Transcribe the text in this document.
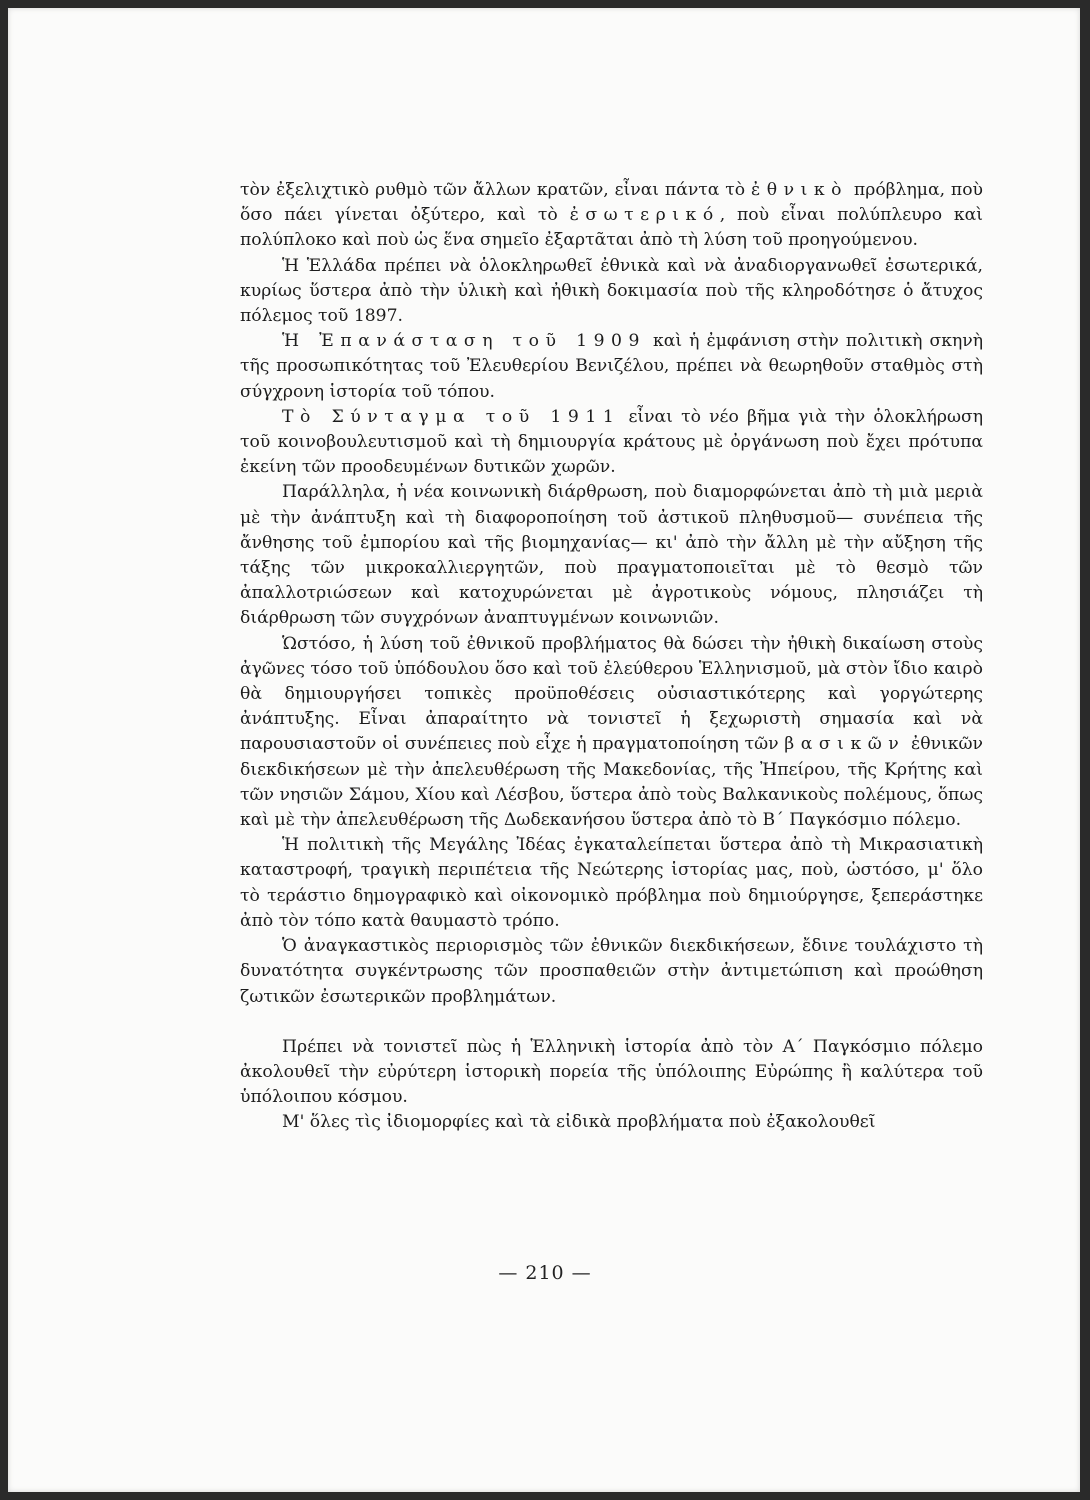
τὸν ἐξελιχτικὸ ρυθμὸ τῶν ἄλλων κρατῶν, εἶναι πάντα τὸ ἐθνικὸ πρόβλημα, ποὺ ὅσο πάει γίνεται ὀξύτερο, καὶ τὸ ἐσωτερικό, ποὺ εἶναι πολύπλευρο καὶ πολύπλοκο καὶ ποὺ ὡς ἕνα σημεῖο ἐξαρτᾶται ἀπὸ τὴ λύση τοῦ προηγούμενου.

Ἡ Ἑλλάδα πρέπει νὰ ὁλοκληρωθεῖ ἐθνικὰ καὶ νὰ ἀναδιοργανωθεῖ ἐσωτερικά, κυρίως ὕστερα ἀπὸ τὴν ὑλικὴ καὶ ἠθικὴ δοκιμασία ποὺ τῆς κληροδότησε ὁ ἄτυχος πόλεμος τοῦ 1897.

Ἡ Ἐπανάσταση τοῦ 1909 καὶ ἡ ἐμφάνιση στὴν πολιτικὴ σκηνὴ τῆς προσωπικότητας τοῦ Ἐλευθερίου Βενιζέλου, πρέπει νὰ θεωρηθοῦν σταθμὸς στὴ σύγχρονη ἱστορία τοῦ τόπου.

Τὸ Σύνταγμα τοῦ 1911 εἶναι τὸ νέο βῆμα γιὰ τὴν ὁλοκλήρωση τοῦ κοινοβουλευτισμοῦ καὶ τὴ δημιουργία κράτους μὲ ὀργάνωση ποὺ ἔχει πρότυπα ἐκείνη τῶν προοδευμένων δυτικῶν χωρῶν.

Παράλληλα, ἡ νέα κοινωνικὴ διάρθρωση, ποὺ διαμορφώνεται ἀπὸ τὴ μιὰ μεριὰ μὲ τὴν ἀνάπτυξη καὶ τὴ διαφοροποίηση τοῦ ἀστικοῦ πληθυσμοῦ— συνέπεια τῆς ἄνθησης τοῦ ἐμπορίου καὶ τῆς βιομηχανίας— κι' ἀπὸ τὴν ἄλλη μὲ τὴν αὔξηση τῆς τάξης τῶν μικροκαλλιεργητῶν, ποὺ πραγματοποιεῖται μὲ τὸ θεσμὸ τῶν ἀπαλλοτριώσεων καὶ κατοχυρώνεται μὲ ἀγροτικοὺς νόμους, πλησιάζει τὴ διάρθρωση τῶν συγχρόνων ἀναπτυγμένων κοινωνιῶν.

Ὡστόσο, ἡ λύση τοῦ ἐθνικοῦ προβλήματος θὰ δώσει τὴν ἠθικὴ δικαίωση στοὺς ἀγῶνες τόσο τοῦ ὑπόδουλου ὅσο καὶ τοῦ ἐλεύθερου Ἑλληνισμοῦ, μὰ στὸν ἴδιο καιρὸ θὰ δημιουργήσει τοπικὲς προϋποθέσεις οὐσιαστικότερης καὶ γοργώτερης ἀνάπτυξης. Εἶναι ἀπαραίτητο νὰ τονιστεῖ ἡ ξεχωριστὴ σημασία καὶ νὰ παρουσιαστοῦν οἱ συνέπειες ποὺ εἶχε ἡ πραγματοποίηση τῶν βασικῶν ἐθνικῶν διεκδικήσεων μὲ τὴν ἀπελευθέρωση τῆς Μακεδονίας, τῆς Ἠπείρου, τῆς Κρήτης καὶ τῶν νησιῶν Σάμου, Χίου καὶ Λέσβου, ὕστερα ἀπὸ τοὺς Βαλκανικοὺς πολέμους, ὅπως καὶ μὲ τὴν ἀπελευθέρωση τῆς Δωδεκανήσου ὕστερα ἀπὸ τὸ Β΄ Παγκόσμιο πόλεμο.

Ἡ πολιτικὴ τῆς Μεγάλης Ἰδέας ἐγκαταλείπεται ὕστερα ἀπὸ τὴ Μικρασιατικὴ καταστροφή, τραγικὴ περιπέτεια τῆς Νεώτερης ἱστορίας μας, ποὺ, ὡστόσο, μ' ὅλο τὸ τεράστιο δημογραφικὸ καὶ οἰκονομικὸ πρόβλημα ποὺ δημιούργησε, ξεπεράστηκε ἀπὸ τὸν τόπο κατὰ θαυμαστὸ τρόπο.

Ὁ ἀναγκαστικὸς περιορισμὸς τῶν ἐθνικῶν διεκδικήσεων, ἔδινε τουλάχιστο τὴ δυνατότητα συγκέντρωσης τῶν προσπαθειῶν στὴν ἀντιμετώπιση καὶ προώθηση ζωτικῶν ἐσωτερικῶν προβλημάτων.

Πρέπει νὰ τονιστεῖ πὼς ἡ Ἑλληνικὴ ἱστορία ἀπὸ τὸν Α΄ Παγκόσμιο πόλεμο ἀκολουθεῖ τὴν εὐρύτερη ἱστορικὴ πορεία τῆς ὑπόλοιπης Εὐρώπης ἢ καλύτερα τοῦ ὑπόλοιπου κόσμου.

Μ' ὅλες τὶς ἰδιομορφίες καὶ τὰ εἰδικὰ προβλήματα ποὺ ἐξακολουθεῖ

— 210 —
